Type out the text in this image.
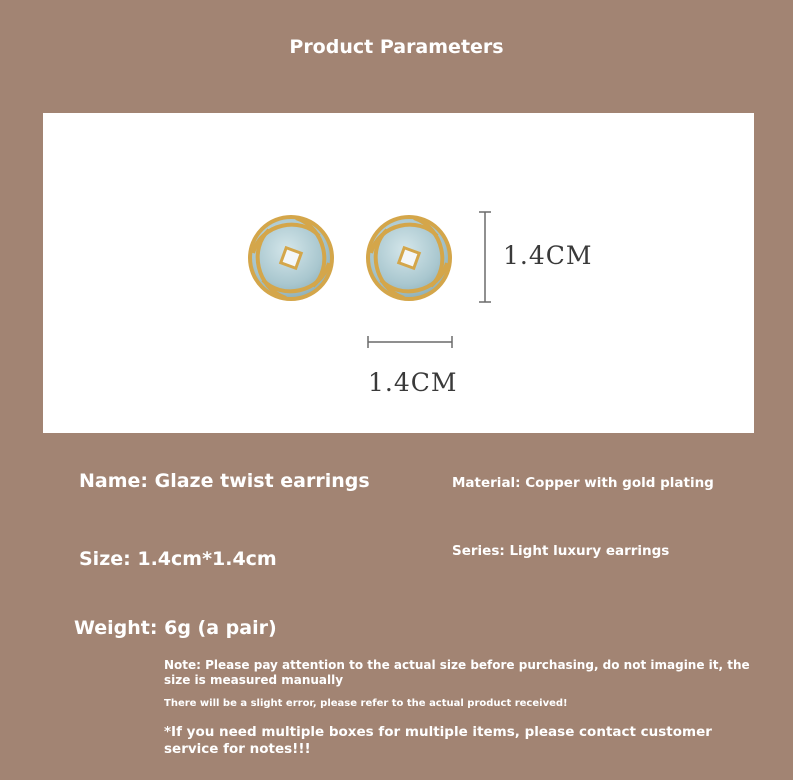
Product Parameters
1.4CM
1.4CM
Name: Glaze twist earrings	Material: Copper with gold plating
Size: 1.4cm*1.4cm	Series: Light luxury earrings
Weight: 6g (a pair)
Note: Please pay attention to the actual size before purchasing, do not imagine it, the size is measured manually
There will be a slight error, please refer to the actual product received!
*If you need multiple boxes for multiple items, please contact customer service for notes!!!
